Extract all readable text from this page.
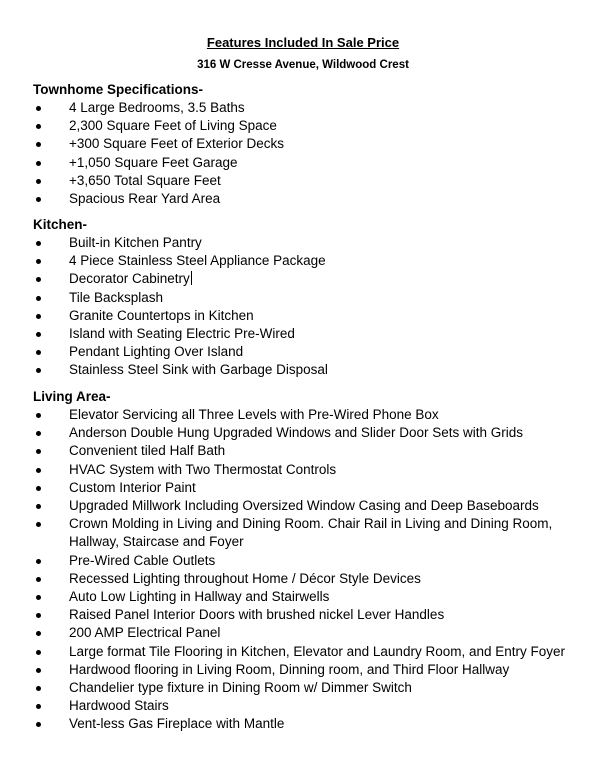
Features Included In Sale Price
316 W Cresse Avenue, Wildwood Crest
Townhome Specifications-
4 Large Bedrooms, 3.5 Baths
2,300 Square Feet of Living Space
+300 Square Feet of Exterior Decks
+1,050 Square Feet Garage
+3,650 Total Square Feet
Spacious Rear Yard Area
Kitchen-
Built-in Kitchen Pantry
4 Piece Stainless Steel Appliance Package
Decorator Cabinetry
Tile Backsplash
Granite Countertops in Kitchen
Island with Seating Electric Pre-Wired
Pendant Lighting Over Island
Stainless Steel Sink with Garbage Disposal
Living Area-
Elevator Servicing all Three Levels with Pre-Wired Phone Box
Anderson Double Hung Upgraded Windows and Slider Door Sets with Grids
Convenient tiled Half Bath
HVAC System with Two Thermostat Controls
Custom Interior Paint
Upgraded Millwork Including Oversized Window Casing and Deep Baseboards
Crown Molding in Living and Dining Room. Chair Rail in Living and Dining Room, Hallway, Staircase and Foyer
Pre-Wired Cable Outlets
Recessed Lighting throughout Home / Décor Style Devices
Auto Low Lighting in Hallway and Stairwells
Raised Panel Interior Doors with brushed nickel Lever Handles
200 AMP Electrical Panel
Large format Tile Flooring in Kitchen, Elevator and Laundry Room, and Entry Foyer
Hardwood flooring in Living Room, Dinning room, and Third Floor Hallway
Chandelier type fixture in Dining Room w/ Dimmer Switch
Hardwood Stairs
Vent-less Gas Fireplace with Mantle
